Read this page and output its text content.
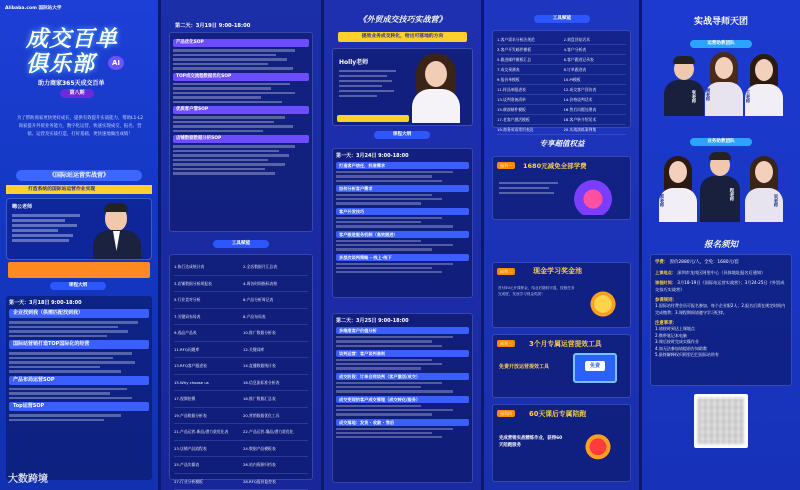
Alibaba.com 国际站大学
成交百单
俱乐部	AI
助力商家365天成交百单
第八期
为了帮助商家更快更好成长，提供有效提升实战能力，帮助L1-L2商家提升外贸业务能力，数字化运营、快速实现成交，报名、营销、运营及实战打造，打好基础、更快速地做出成绩！
《国际站运营实战营》
打造系统的国际站运营作业实现
嗨公老师
课程大纲
第一天：3月18日 9:00-18:00
企业找到我（供需匹配找到我）
国际站营销打造TOP国际化的经营
产品布局运营SOP
Top运营SOP
大数跨境
第二天：3月19日 9:00-18:00
产品优化SOP
TOP成交流程数据优化SOP
优质客户管SOP
店铺数据数据分析SOP
工具赋能
1.执行达成统计表	2.全店数据月汇总表
3.店铺数据分析周报表	4.周各时间指标表格
5.行业竞对分析	6.产品分析周记表
7.关键词布局表	8.产品布局表
9.选品产品表	10.推广数据分析表
11.RFQ问题库	12.关键词库
13.RFQ客户跟进表	14.直播数据统计表
15.Why choose us	16.信息流标准分析表
17.视频拍摄	18.推广数据汇总表
19.产品数据分析表	20.营销数据优化工具
21.产品运营-新品/潜力款优化表	22.产品运营-爆品/潜力款优化
23.店铺产品流程表	24.数据产品模板表
25.产品实操表	26.站内资源归档表
27.行业分析模板	28.RFQ报价监控表
《外贸成交技巧实战营》
提效业务成交转化，给出可落地的方向
Holly老师
课程大纲
第一天：3月24日 9:00-18:00
打造客户信任，找准需求
如何分析客户需求
客户开发技巧
客户跟进服务机制（高效跟进）
多层次谈判策略 – 线上·线下
第二天：3月25日 9:00-18:00
多维度客户价值分析
谈判运营：客户谈判准则
成交阶段：订单合同谈判（客户激活/成交）
成交变现的客户成交管理（成交转化/服务）
成交落地：发货 · 收款 · 售后
工具赋能
1.客户需求分析法规范	2.询盘回复话术
3.客户开发邮件模板	4.客户分析表
5.跟进邮件模板汇总	6.客户跟进记录表
7.成交预测表	8.订单跟进表
9.报价单模板	10.PI模板
11.样品单跟进表	12.成交客户回访表
13.谈判准备清单	14.价格谈判话术
15.催款邮件模板	16.售后问题处理表
17.老客户激活模板	18.客户转介绍话术
19.商务英语常用表达	20.实战演练案例集
专享超值权益
福利一	1680元减免全部学费
福利二	现金学习奖金池
首付50元开课押金，结业后随时可退，按照任务完成度，发放学习现金奖励！
福利三	3个月专属运营提效工具
免费开放运营提效工具	免费
福利四	60天课后专属陪跑
完成营销实战精炼作业，获得60天陪跑服务
实战导师天团
运营助教团队
张老师 谢老师	王老师
业务助教团队
郭老师	程老师	吴老师
报名须知
学费： 原价2880元/人，全免：1680元/套
上课地点： 深圳市龙岗区阿里中心（具体地址报名后通知）
课程时间： 3月18-19日《国际站运营实战营》；3月24-25日《外贸成交技巧实战营》
参课规则：
1.国际站付费会员可报名参加，每个企业限2人；2.报名后需在规定时间内完成缴费；3.课程期间请遵守学习纪律。
注意事项：
1.请按时到达上课地点
2.携带笔记本电脑
3.课后按时完成实操作业
4.如无法参加请提前告知助教
5.最终解释权归阿里巴巴国际站所有
